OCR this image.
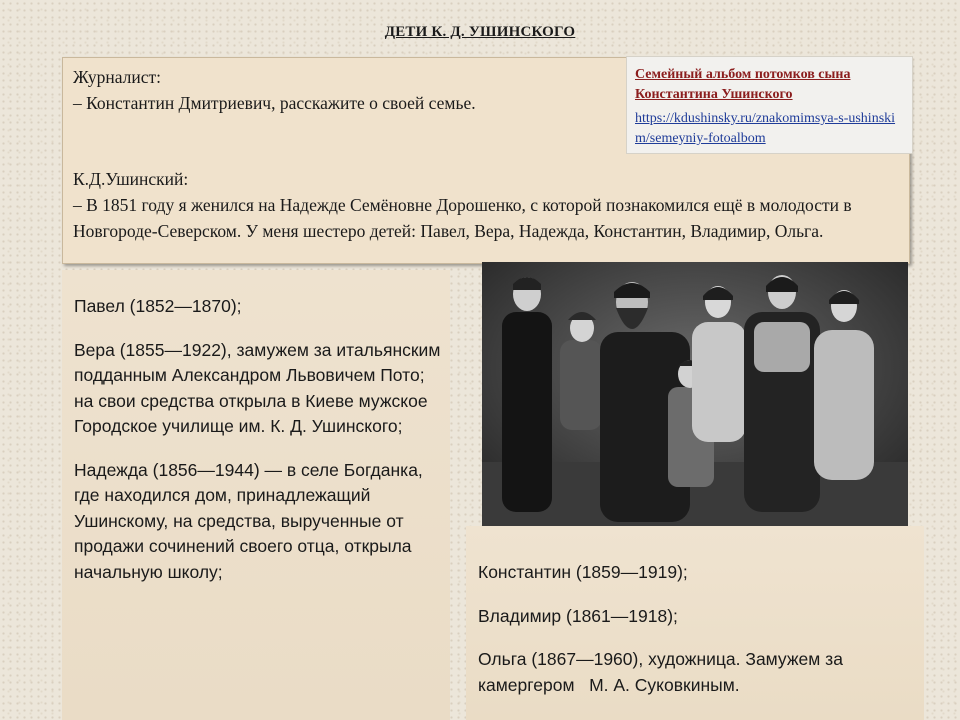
ДЕТИ К. Д. УШИНСКОГО
Журналист:
– Константин Дмитриевич, расскажите о своей семье.
К.Д.Ушинский:
– В 1851 году я женился на Надежде Семёновне Дорошенко, с которой познакомился ещё в молодости в Новгороде-Северском. У меня шестеро детей: Павел, Вера, Надежда, Константин, Владимир, Ольга.
Семейный альбом потомков сына Константина Ушинского
https://kdushinsky.ru/znakomimsya-s-ushinskim/semeyniy-fotoalbom

Павел (1852—1870);

Вера (1855—1922), замужем за итальянским подданным Александром Львовичем Пото; на свои средства открыла в Киеве мужское Городское училище им. К. Д. Ушинского;

Надежда (1856—1944) — в селе Богданка, где находился дом, принадлежащий Ушинскому, на средства, вырученные от продажи сочинений своего отца, открыла начальную школу;	Константин (1859—1919);

Владимир (1861—1918);

Ольга (1867—1960), художница. Замужем за камергером   М. А. Суковкиным.
